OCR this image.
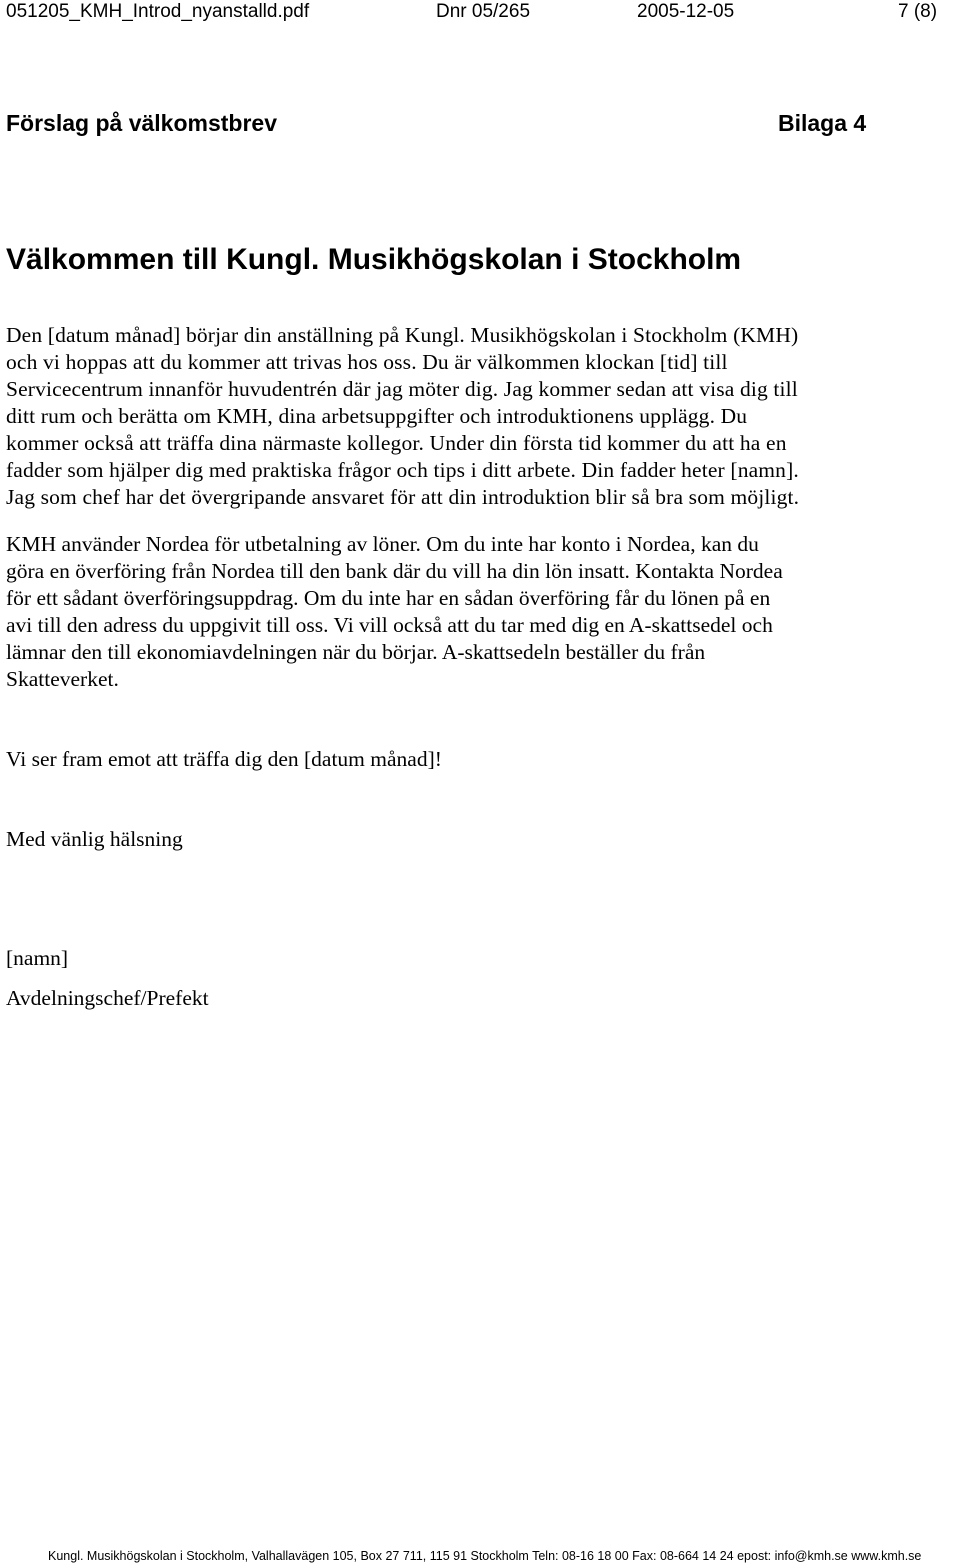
051205_KMH_Introd_nyanstalld.pdf	Dnr 05/265	2005-12-05	7 (8)
Förslag på välkomstbrev	Bilaga 4
Välkommen till Kungl. Musikhögskolan i Stockholm
Den [datum månad] börjar din anställning på Kungl. Musikhögskolan i Stockholm (KMH)
och vi hoppas att du kommer att trivas hos oss. Du är välkommen klockan [tid] till
Servicecentrum innanför huvudentrén där jag möter dig. Jag kommer sedan att visa dig till
ditt rum och berätta om KMH, dina arbetsuppgifter och introduktionens upplägg. Du
kommer också att träffa dina närmaste kollegor. Under din första tid kommer du att ha en
fadder som hjälper dig med praktiska frågor och tips i ditt arbete. Din fadder heter [namn].
Jag som chef har det övergripande ansvaret för att din introduktion blir så bra som möjligt.
KMH använder Nordea för utbetalning av löner. Om du inte har konto i Nordea, kan du
göra en överföring från Nordea till den bank där du vill ha din lön insatt. Kontakta Nordea
för ett sådant överföringsuppdrag. Om du inte har en sådan överföring får du lönen på en
avi till den adress du uppgivit till oss. Vi vill också att du tar med dig en A-skattsedel och
lämnar den till ekonomiavdelningen när du börjar. A-skattsedeln beställer du från
Skatteverket.
Vi ser fram emot att träffa dig den [datum månad]!
Med vänlig hälsning
[namn]
Avdelningschef/Prefekt
Kungl. Musikhögskolan i Stockholm, Valhallavägen 105, Box 27 711, 115 91 Stockholm Teln: 08-16 18 00 Fax: 08-664 14 24 epost: info@kmh.se www.kmh.se
